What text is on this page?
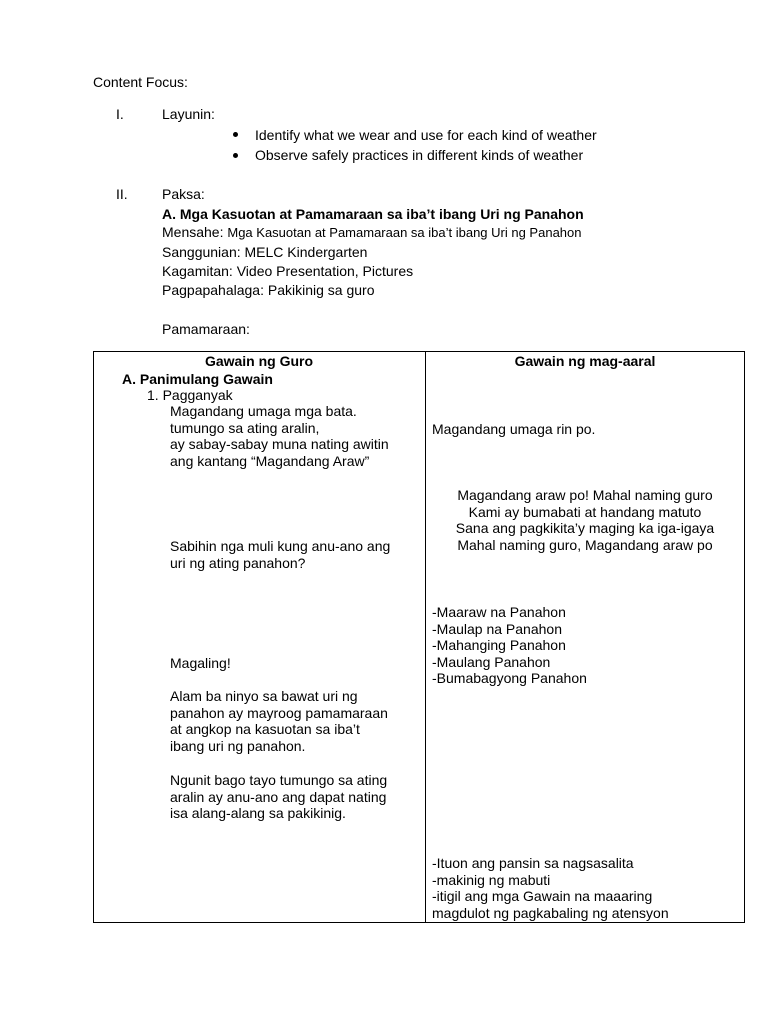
Content Focus:
I.	Layunin:
Identify what we wear and use for each kind of weather
Observe safely practices in different kinds of weather
II. Paksa:
A. Mga Kasuotan at Pamamaraan sa iba’t ibang Uri ng Panahon
Mensahe: Mga Kasuotan at Pamamaraan sa iba’t ibang Uri ng Panahon
Sanggunian: MELC Kindergarten
Kagamitan: Video Presentation, Pictures
Pagpapahalaga: Pakikinig sa guro
Pamamaraan:
Gawain ng Guro	Gawain ng mag-aaral
A. Panimulang Gawain
1. Pagganyak
Magandang umaga mga bata.
tumungo sa ating aralin,
ay sabay-sabay muna nating awitin
ang kantang “Magandang Araw”
Sabihin nga muli kung anu-ano ang
uri ng ating panahon?
Magaling!
Alam ba ninyo sa bawat uri ng
panahon ay mayroog pamamaraan
at angkop na kasuotan sa iba’t
ibang uri ng panahon.
Ngunit bago tayo tumungo sa ating
aralin ay anu-ano ang dapat nating
isa alang-alang sa pakikinig.
Magandang umaga rin po.
Magandang araw po! Mahal naming guro
Kami ay bumabati at handang matuto
Sana ang pagkikita’y maging ka iga-igaya
Mahal naming guro, Magandang araw po
-Maaraw na Panahon
-Maulap na Panahon
-Mahanging Panahon
-Maulang Panahon
-Bumabagyong Panahon
-Ituon ang pansin sa nagsasalita
-makinig ng mabuti
-itigil ang mga Gawain na maaaring
magdulot ng pagkabaling ng atensyon
